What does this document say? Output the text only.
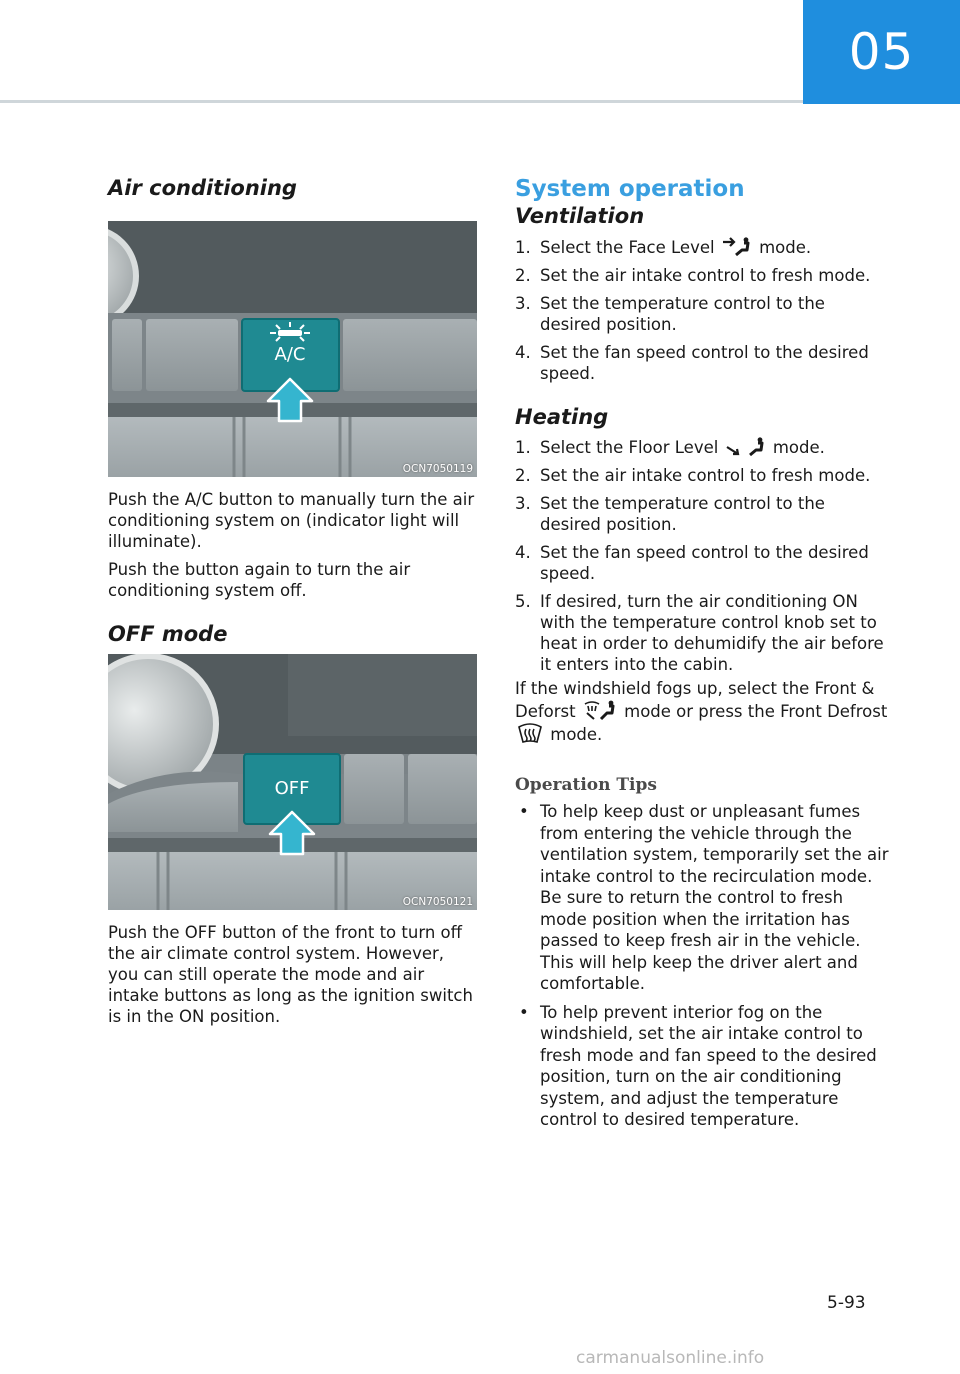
05
Air conditioning
A/C
OCN7050119

Push the A/C button to manually turn the air conditioning system on (indicator light will illuminate).

Push the button again to turn the air conditioning system off.

OFF mode
OFF
OCN7050121

Push the OFF button of the front to turn off the air climate control system. However, you can still operate the mode and air intake buttons as long as the ignition switch is in the ON position.

System operation
Ventilation
1. Select the Face Level	mode.
2. Set the air intake control to fresh mode.
3. Set the temperature control to the desired position.
4. Set the fan speed control to the desired speed.
Heating
1. Select the Floor Level	mode.
2. Set the air intake control to fresh mode.
3. Set the temperature control to the desired position.
4. Set the fan speed control to the desired speed.
5. If desired, turn the air conditioning ON with the temperature control knob set to heat in order to dehumidify the air before it enters into the cabin.

If the windshield fogs up, select the Front & Deforst	mode or press the Front Defrost  mode.

Operation Tips

• To help keep dust or unpleasant fumes from entering the vehicle through the ventilation system, temporarily set the air intake control to the recirculation mode. Be sure to return the control to fresh mode position when the irritation has passed to keep fresh air in the vehicle. This will help keep the driver alert and comfortable.
• To help prevent interior fog on the windshield, set the air intake control to fresh mode and fan speed to the desired position, turn on the air conditioning system, and adjust the temperature control to desired temperature.
5-93
carmanualsonline.info
